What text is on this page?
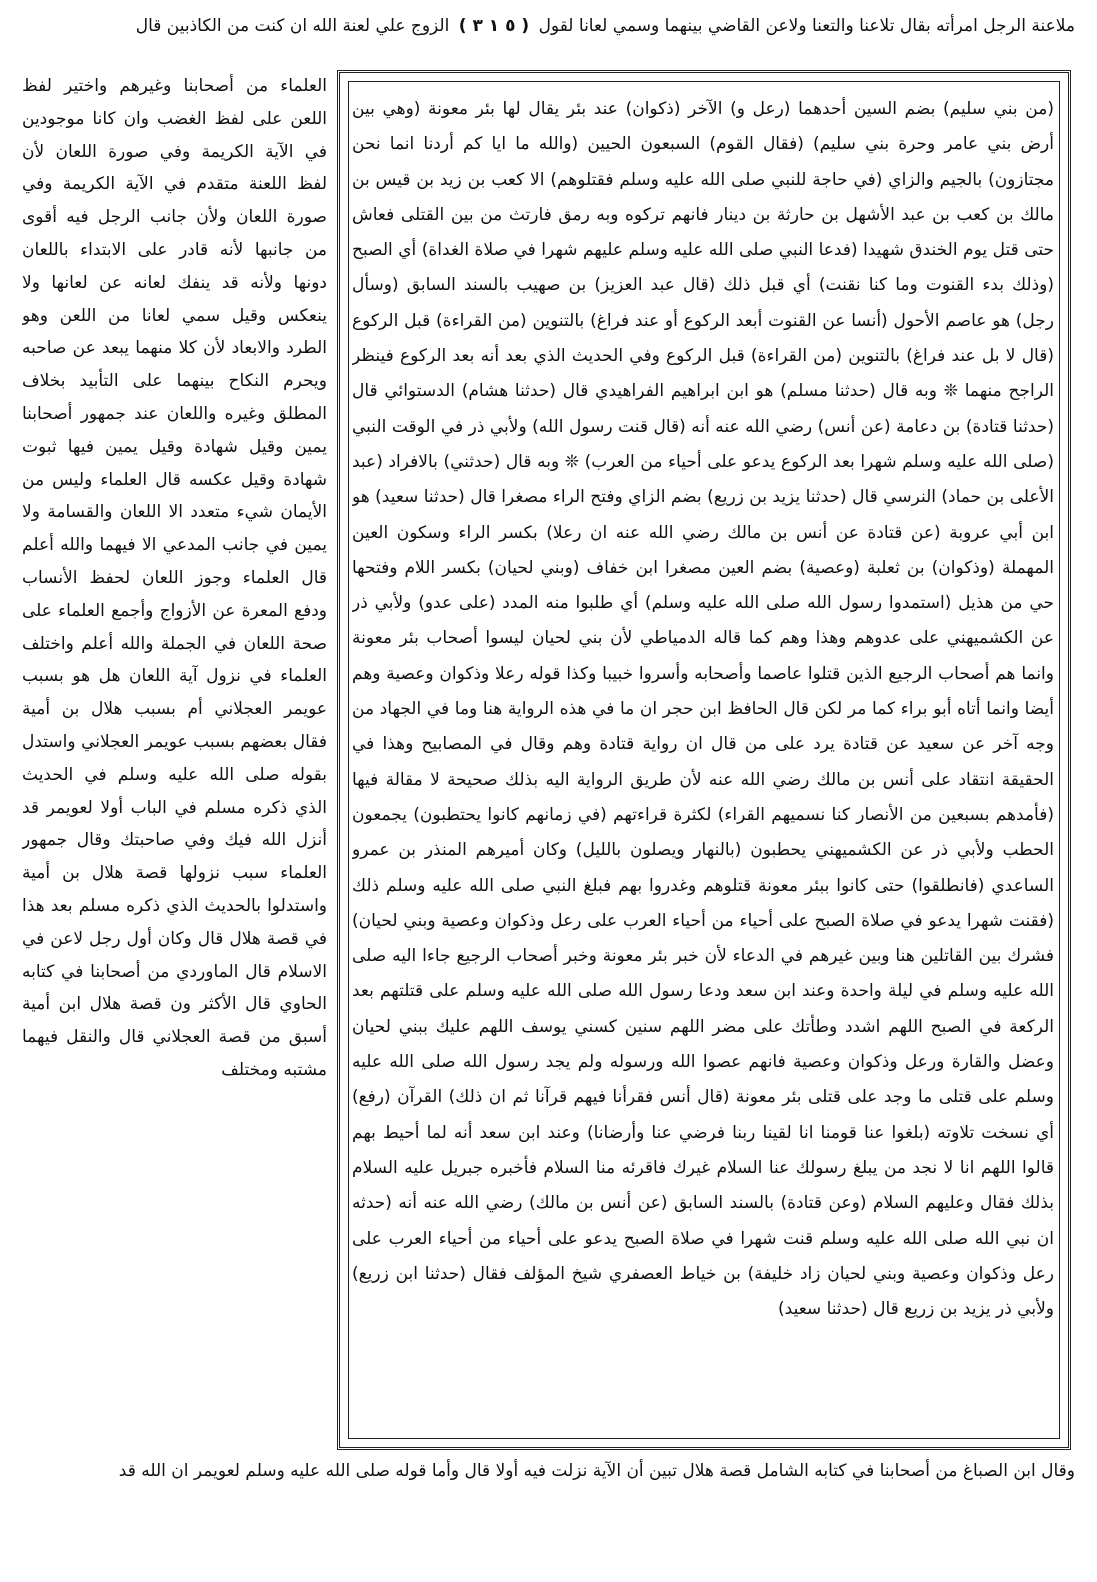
ملاعنة الرجل امرأته بقال تلاعنا والتعنا ولاعن القاضي بينهما وسمي لعانا لقول ( ٥ ١ ٣ ) الزوج علي لعنة الله ان كنت من الكاذبين قال

العلماء من أصحابنا وغيرهم واختير لفظ اللعن على لفظ الغضب وان كانا موجودين في الآية الكريمة وفي صورة اللعان لأن لفظ اللعنة متقدم في الآية الكريمة وفي صورة اللعان ولأن جانب الرجل فيه أقوى من جانبها لأنه قادر على الابتداء باللعان دونها ولأنه قد ينفك لعانه عن لعانها ولا ينعكس وقيل سمي لعانا من اللعن وهو الطرد والابعاد لأن كلا منهما يبعد عن صاحبه ويحرم النكاح بينهما على التأبيد بخلاف المطلق وغيره واللعان عند جمهور أصحابنا يمين وقيل شهادة وقيل يمين فيها ثبوت شهادة وقيل عكسه قال العلماء وليس من الأيمان شيء متعدد الا اللعان والقسامة ولا يمين في جانب المدعي الا فيهما والله أعلم قال العلماء وجوز اللعان لحفظ الأنساب ودفع المعرة عن الأزواج وأجمع العلماء على صحة اللعان في الجملة والله أعلم واختلف العلماء في نزول آية اللعان هل هو بسبب عويمر العجلاني أم بسبب هلال بن أمية فقال بعضهم بسبب عويمر العجلاني واستدل بقوله صلى الله عليه وسلم في الحديث الذي ذكره مسلم في الباب أولا لعويمر قد أنزل الله فيك وفي صاحبتك وقال جمهور العلماء سبب نزولها قصة هلال بن أمية واستدلوا بالحديث الذي ذكره مسلم بعد هذا في قصة هلال قال وكان أول رجل لاعن في الاسلام قال الماوردي من أصحابنا في كتابه الحاوي قال الأكثر ون قصة هلال ابن أمية أسبق من قصة العجلاني قال والنقل فيهما مشتبه ومختلف

(من بني سليم) بضم السين أحدهما (رعل و) الآخر (ذكوان) عند بئر يقال لها بئر معونة (وهي بين أرض بني عامر وحرة بني سليم) (فقال القوم) السبعون الحيين (والله ما ايا كم أردنا انما نحن مجتازون) بالجيم والزاي (في حاجة للنبي صلى الله عليه وسلم فقتلوهم) الا كعب بن زيد بن قيس بن مالك بن كعب بن عبد الأشهل بن حارثة بن دينار فانهم تركوه وبه رمق فارتث من بين القتلى فعاش حتى قتل يوم الخندق شهيدا (فدعا النبي صلى الله عليه وسلم عليهم شهرا في صلاة الغداة) أي الصبح (وذلك بدء القنوت وما كنا نقنت) أي قبل ذلك (قال عبد العزيز) بن صهيب بالسند السابق (وسأل رجل) هو عاصم الأحول (أنسا عن القنوت أبعد الركوع أو عند فراغ) بالتنوين (من القراءة) قبل الركوع (قال لا بل عند فراغ) بالتنوين (من القراءة) قبل الركوع وفي الحديث الذي بعد أنه بعد الركوع فينظر الراجح منهما ❊ وبه قال (حدثنا مسلم) هو ابن ابراهيم الفراهيدي قال (حدثنا هشام) الدستوائي قال (حدثنا قتادة) بن دعامة (عن أنس) رضي الله عنه أنه (قال قنت رسول الله) ولأبي ذر في الوقت النبي (صلى الله عليه وسلم شهرا بعد الركوع يدعو على أحياء من العرب) ❊ وبه قال (حدثني) بالافراد (عبد الأعلى بن حماد) النرسي قال (حدثنا يزيد بن زريع) بضم الزاي وفتح الراء مصغرا قال (حدثنا سعيد) هو ابن أبي عروبة (عن قتادة عن أنس بن مالك رضي الله عنه ان رعلا) بكسر الراء وسكون العين المهملة (وذكوان) بن ثعلبة (وعصية) بضم العين مصغرا ابن خفاف (وبني لحيان) بكسر اللام وفتحها حي من هذيل (استمدوا رسول الله صلى الله عليه وسلم) أي طلبوا منه المدد (على عدو) ولأبي ذر عن الكشميهني على عدوهم وهذا وهم كما قاله الدمياطي لأن بني لحيان ليسوا أصحاب بئر معونة وانما هم أصحاب الرجيع الذين قتلوا عاصما وأصحابه وأسروا خبيبا وكذا قوله رعلا وذكوان وعصية وهم أيضا وانما أتاه أبو براء كما مر لكن قال الحافظ ابن حجر ان ما في هذه الرواية هنا وما في الجهاد من وجه آخر عن سعيد عن قتادة يرد على من قال ان رواية قتادة وهم وقال في المصابيح وهذا في الحقيقة انتقاد على أنس بن مالك رضي الله عنه لأن طريق الرواية اليه بذلك صحيحة لا مقالة فيها (فأمدهم بسبعين من الأنصار كنا نسميهم القراء) لكثرة قراءتهم (في زمانهم كانوا يحتطبون) يجمعون الحطب ولأبي ذر عن الكشميهني يحطبون (بالنهار ويصلون بالليل) وكان أميرهم المنذر بن عمرو الساعدي (فانطلقوا) حتى كانوا ببئر معونة قتلوهم وغدروا بهم فبلغ النبي صلى الله عليه وسلم ذلك (فقنت شهرا يدعو في صلاة الصبح على أحياء من أحياء العرب على رعل وذكوان وعصية وبني لحيان) فشرك بين القاتلين هنا وبين غيرهم في الدعاء لأن خبر بئر معونة وخبر أصحاب الرجيع جاءا اليه صلى الله عليه وسلم في ليلة واحدة وعند ابن سعد ودعا رسول الله صلى الله عليه وسلم على قتلتهم بعد الركعة في الصبح اللهم اشدد وطأتك على مضر اللهم سنين كسني يوسف اللهم عليك ببني لحيان وعضل والقارة ورعل وذكوان وعصية فانهم عصوا الله ورسوله ولم يجد رسول الله صلى الله عليه وسلم على قتلى ما وجد على قتلى بئر معونة (قال أنس فقرأنا فيهم قرآنا ثم ان ذلك) القرآن (رفع) أي نسخت تلاوته (بلغوا عنا قومنا انا لقينا ربنا فرضي عنا وأرضانا) وعند ابن سعد أنه لما أحيط بهم قالوا اللهم انا لا نجد من يبلغ رسولك عنا السلام غيرك فاقرئه منا السلام فأخبره جبريل عليه السلام بذلك فقال وعليهم السلام (وعن قتادة) بالسند السابق (عن أنس بن مالك) رضي الله عنه أنه (حدثه ان نبي الله صلى الله عليه وسلم قنت شهرا في صلاة الصبح يدعو على أحياء من أحياء العرب على رعل وذكوان وعصية وبني لحيان زاد خليفة) بن خياط العصفري شيخ المؤلف فقال (حدثنا ابن زريع) ولأبي ذر يزيد بن زريع قال (حدثنا سعيد)

وقال ابن الصباغ من أصحابنا في كتابه الشامل قصة هلال تبين أن الآية نزلت فيه أولا قال وأما قوله صلى الله عليه وسلم لعويمر ان الله قد
